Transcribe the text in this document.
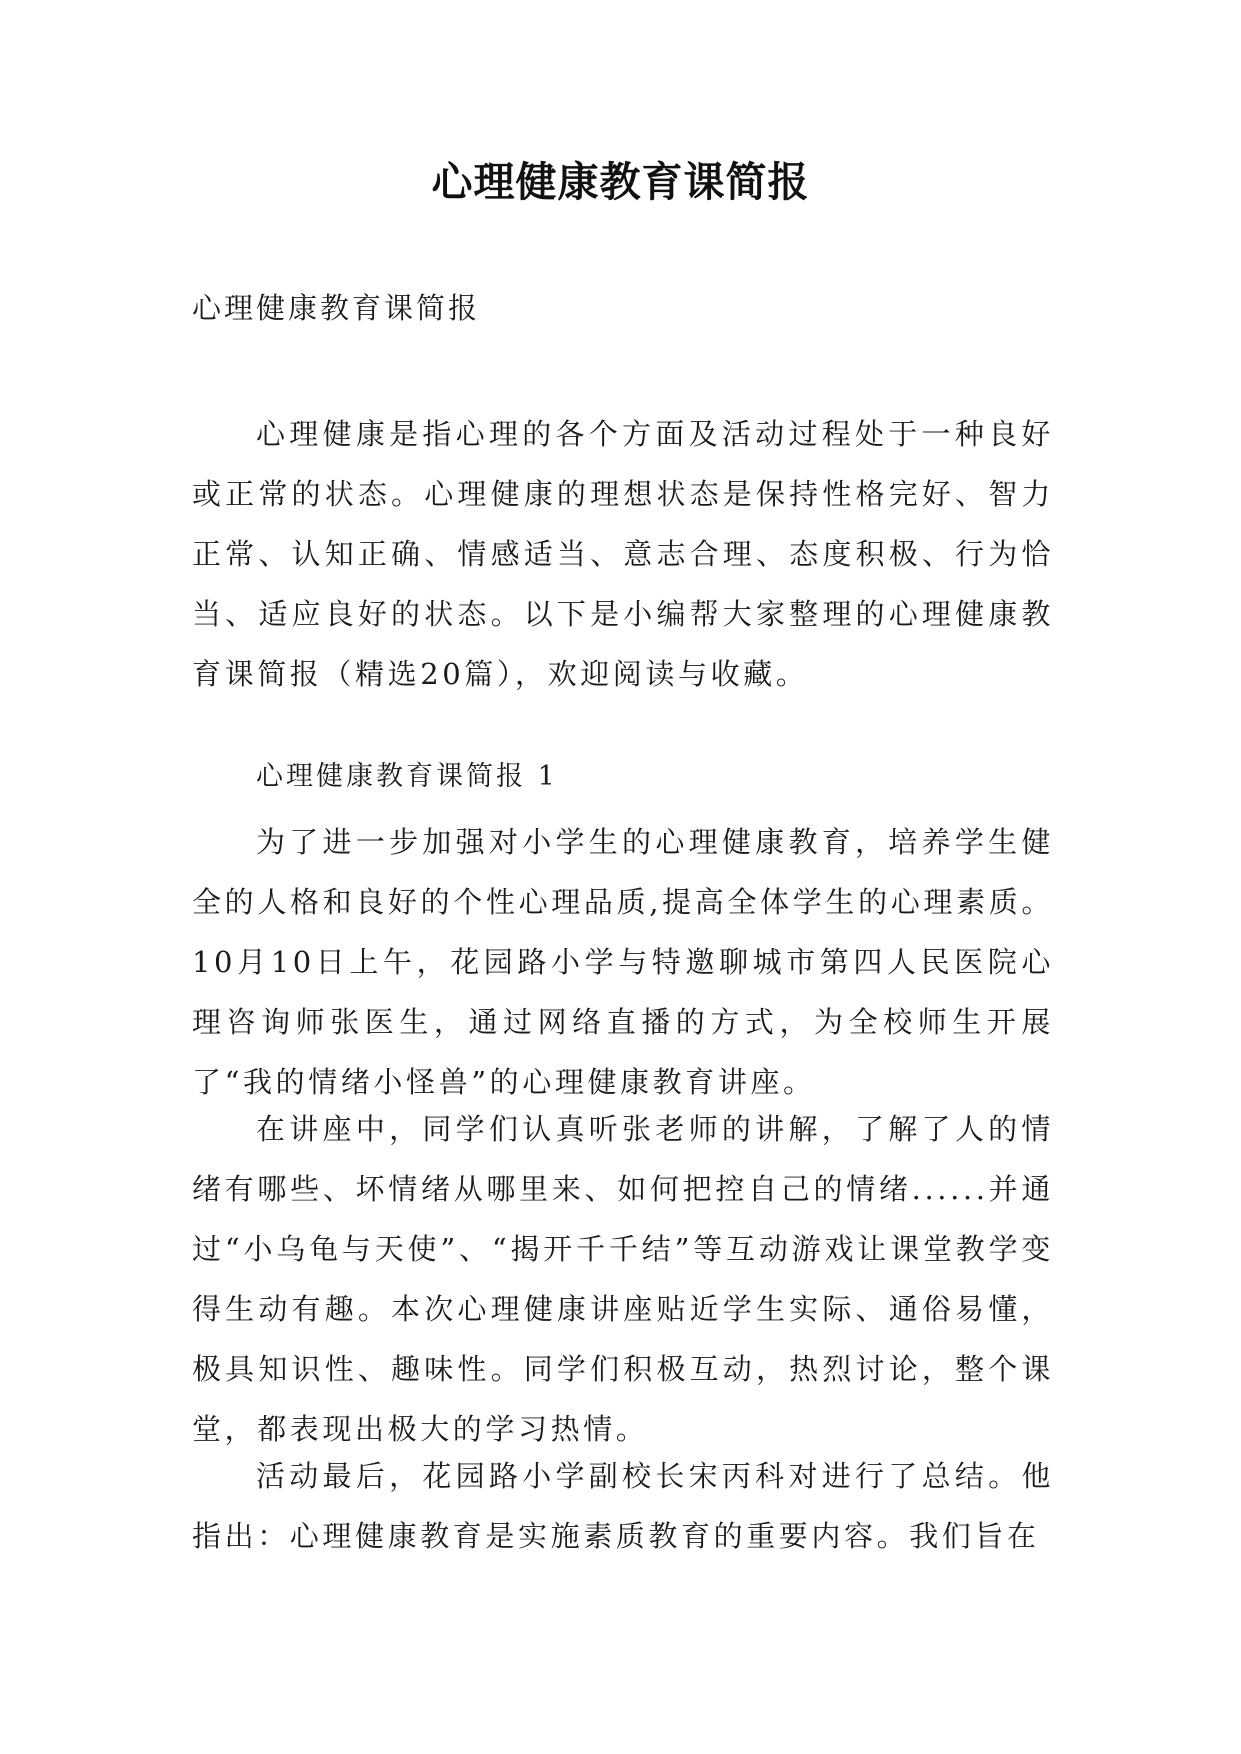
心理健康教育课简报
心理健康教育课简报

心理健康是指心理的各个方面及活动过程处于一种良好或正常的状态。心理健康的理想状态是保持性格完好、智力正常、认知正确、情感适当、意志合理、态度积极、行为恰当、适应良好的状态。以下是小编帮大家整理的心理健康教育课简报（精选20篇），欢迎阅读与收藏。

心理健康教育课简报 1

为了进一步加强对小学生的心理健康教育，培养学生健全的人格和良好的个性心理品质,提高全体学生的心理素质。10月10日上午，花园路小学与特邀聊城市第四人民医院心理咨询师张医生，通过网络直播的方式，为全校师生开展了“我的情绪小怪兽”的心理健康教育讲座。

在讲座中，同学们认真听张老师的讲解，了解了人的情绪有哪些、坏情绪从哪里来、如何把控自己的情绪......并通过“小乌龟与天使”、“揭开千千结”等互动游戏让课堂教学变得生动有趣。本次心理健康讲座贴近学生实际、通俗易懂，极具知识性、趣味性。同学们积极互动，热烈讨论，整个课堂，都表现出极大的学习热情。

活动最后，花园路小学副校长宋丙科对进行了总结。他指出：心理健康教育是实施素质教育的重要内容。我们旨在
